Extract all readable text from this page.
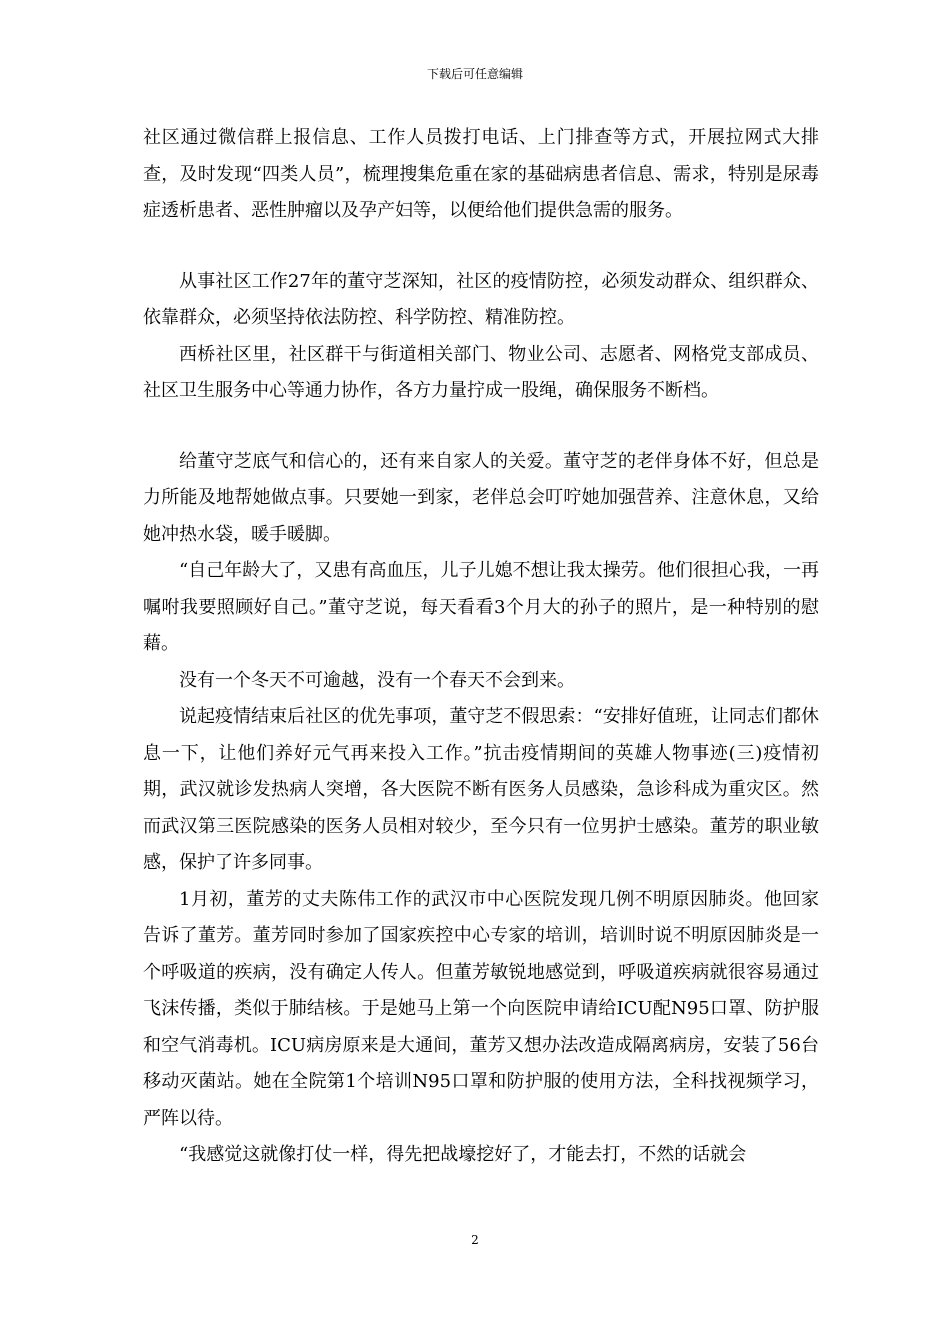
下载后可任意编辑

社区通过微信群上报信息、工作人员拨打电话、上门排查等方式，开展拉网式大排查，及时发现“四类人员”，梳理搜集危重在家的基础病患者信息、需求，特别是尿毒症透析患者、恶性肿瘤以及孕产妇等，以便给他们提供急需的服务。

从事社区工作27年的董守芝深知，社区的疫情防控，必须发动群众、组织群众、依靠群众，必须坚持依法防控、科学防控、精准防控。

西桥社区里，社区群干与街道相关部门、物业公司、志愿者、网格党支部成员、社区卫生服务中心等通力协作，各方力量拧成一股绳，确保服务不断档。

给董守芝底气和信心的，还有来自家人的关爱。董守芝的老伴身体不好，但总是力所能及地帮她做点事。只要她一到家，老伴总会叮咛她加强营养、注意休息，又给她冲热水袋，暖手暖脚。

“自己年龄大了，又患有高血压，儿子儿媳不想让我太操劳。他们很担心我，一再嘱咐我要照顾好自己。”董守芝说，每天看看3个月大的孙子的照片，是一种特别的慰藉。

没有一个冬天不可逾越，没有一个春天不会到来。

说起疫情结束后社区的优先事项，董守芝不假思索：“安排好值班，让同志们都休息一下，让他们养好元气再来投入工作。”抗击疫情期间的英雄人物事迹(三)疫情初期，武汉就诊发热病人突增，各大医院不断有医务人员感染，急诊科成为重灾区。然而武汉第三医院感染的医务人员相对较少，至今只有一位男护士感染。董芳的职业敏感，保护了许多同事。

1月初，董芳的丈夫陈伟工作的武汉市中心医院发现几例不明原因肺炎。他回家告诉了董芳。董芳同时参加了国家疾控中心专家的培训，培训时说不明原因肺炎是一个呼吸道的疾病，没有确定人传人。但董芳敏锐地感觉到，呼吸道疾病就很容易通过飞沫传播，类似于肺结核。于是她马上第一个向医院申请给ICU配N95口罩、防护服和空气消毒机。ICU病房原来是大通间，董芳又想办法改造成隔离病房，安装了56台移动灭菌站。她在全院第1个培训N95口罩和防护服的使用方法，全科找视频学习，严阵以待。

“我感觉这就像打仗一样，得先把战壕挖好了，才能去打，不然的话就会

2
